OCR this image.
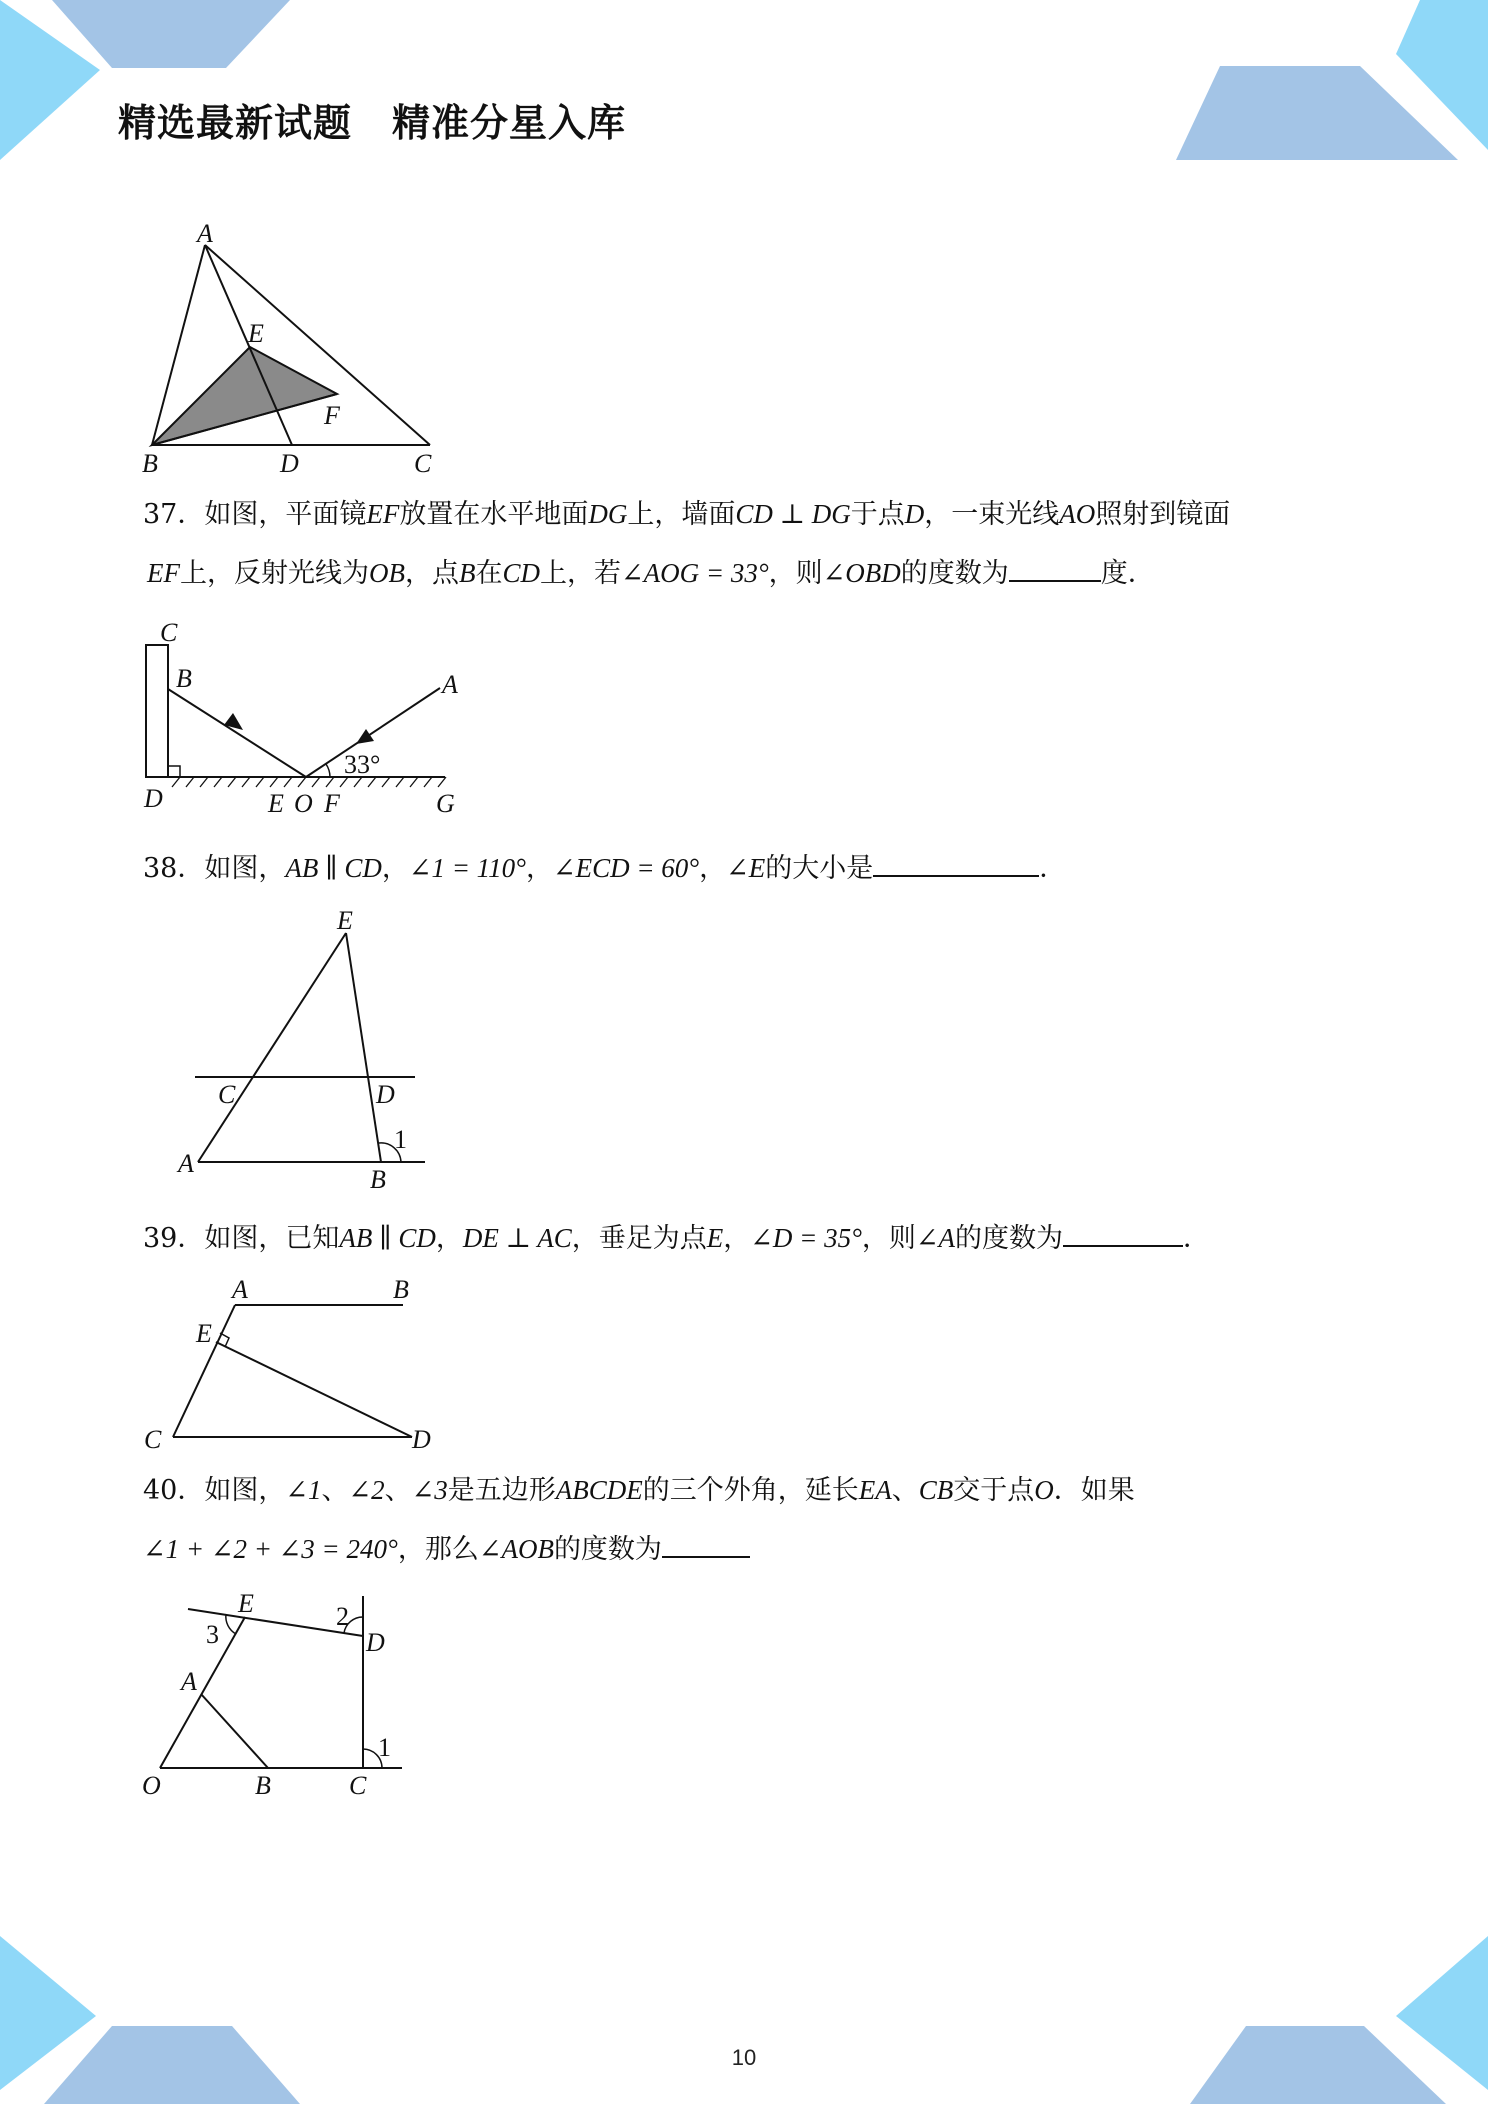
精选最新试题 精准分星入库
A
E
F
B	D	C
37．如图，平面镜EF放置在水平地面DG上，墙面CD ⊥ DG于点D，一束光线AO照射到镜面
EF上，反射光线为OB，点B在CD上，若∠AOG = 33°，则∠OBD的度数为	度．
33°
C
B	A
D	E O F	G
38．如图，AB ∥ CD，∠1 = 110°，∠ECD = 60°，∠E的大小是	．
E
C	D
1
A
B
39．如图，已知AB ∥ CD，DE ⊥ AC，垂足为点E，∠D = 35°，则∠A的度数为	．
A	B
E
C	D
40．如图，∠1、∠2、∠3是五边形ABCDE的三个外角，延长EA、CB交于点O．如果
∠1 + ∠2 + ∠3 = 240°，那么∠AOB的度数为
E	2
D
3
A
1
O	B	C
10
